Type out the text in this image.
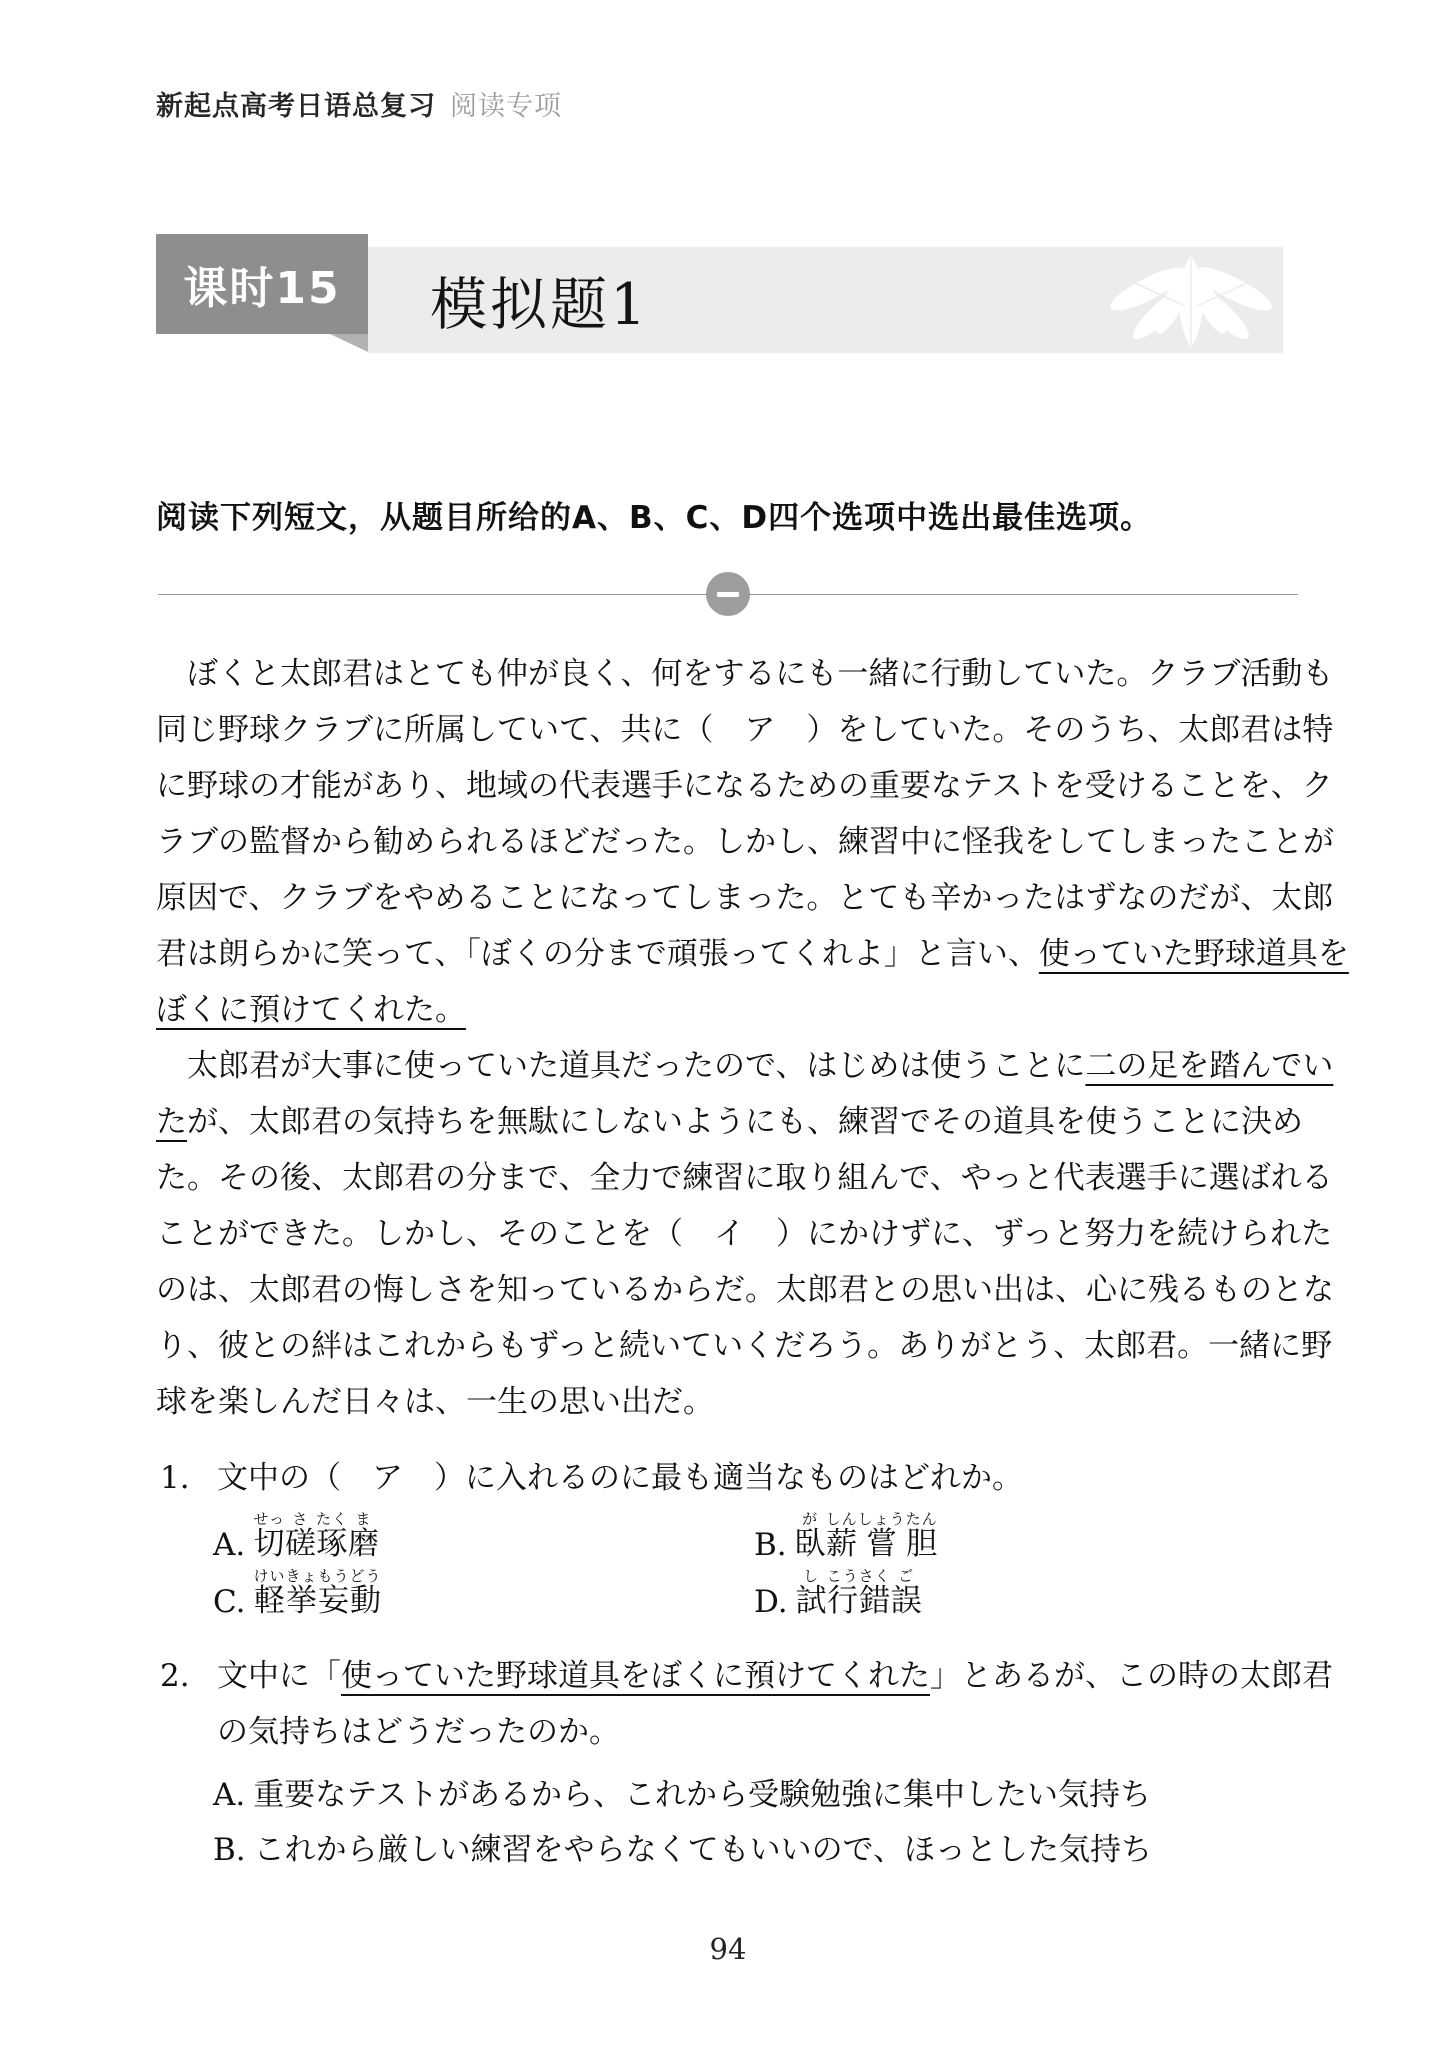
新起点高考日语总复习 阅读专项
模拟题1
课时15
阅读下列短文，从题目所给的A、B、C、D四个选项中选出最佳选项。
　ぼくと太郎君はとても仲が良く、何をするにも一緒に行動していた。クラブ活動も
同じ野球クラブに所属していて、共に（　ア　）をしていた。そのうち、太郎君は特
に野球の才能があり、地域の代表選手になるための重要なテストを受けることを、ク
ラブの監督から勧められるほどだった。しかし、練習中に怪我をしてしまったことが
原因で、クラブをやめることになってしまった。とても辛かったはずなのだが、太郎
君は朗らかに笑って、「ぼくの分まで頑張ってくれよ」と言い、使っていた野球道具を
ぼくに預けてくれた。
　太郎君が大事に使っていた道具だったので、はじめは使うことに二の足を踏んでい
たが、太郎君の気持ちを無駄にしないようにも、練習でその道具を使うことに決め
た。その後、太郎君の分まで、全力で練習に取り組んで、やっと代表選手に選ばれる
ことができた。しかし、そのことを（　イ　）にかけずに、ずっと努力を続けられた
のは、太郎君の悔しさを知っているからだ。太郎君との思い出は、心に残るものとな
り、彼との絆はこれからもずっと続いていくだろう。ありがとう、太郎君。一緒に野
球を楽しんだ日々は、一生の思い出だ。
1. 文中の（　ア　）に入れるのに最も適当なものはどれか。
A. 切せっ磋さ琢たく磨ま
B. 臥が薪しん嘗しょう胆たん
C. 軽けい挙きょ妄もう動どう
D. 試し行こう錯さく誤ご
2. 文中に「使っていた野球道具をぼくに預けてくれた」とあるが、この時の太郎君
の気持ちはどうだったのか。
A. 重要なテストがあるから、これから受験勉強に集中したい気持ち
B. これから厳しい練習をやらなくてもいいので、ほっとした気持ち
94
